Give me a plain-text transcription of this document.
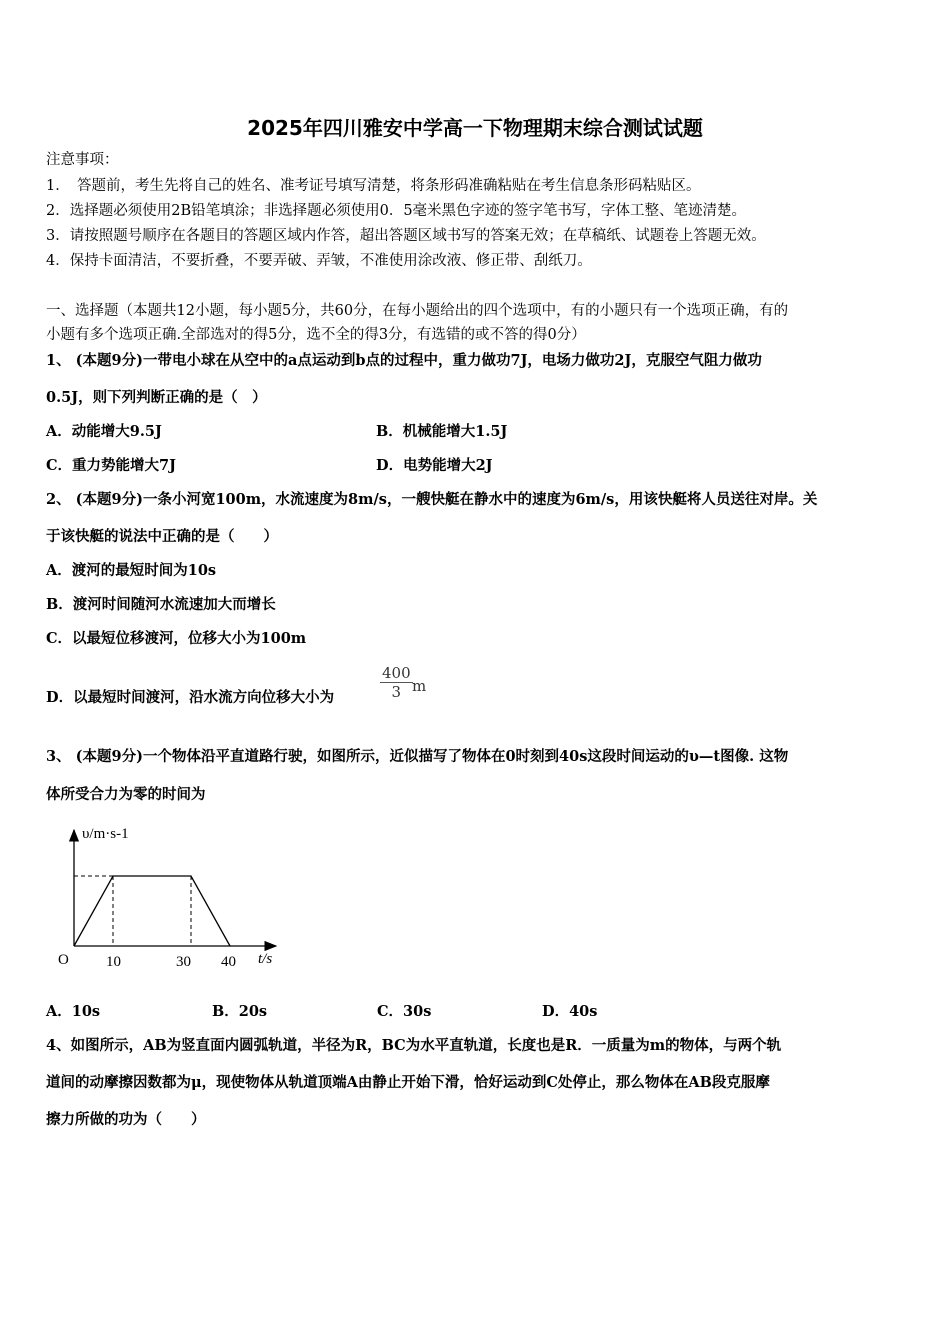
2025年四川雅安中学高一下物理期末综合测试试题
注意事项：
1．　答题前，考生先将自己的姓名、准考证号填写清楚，将条形码准确粘贴在考生信息条形码粘贴区。
2．选择题必须使用2B铅笔填涂；非选择题必须使用0．5毫米黑色字迹的签字笔书写，字体工整、笔迹清楚。
3．请按照题号顺序在各题目的答题区域内作答，超出答题区域书写的答案无效；在草稿纸、试题卷上答题无效。
4．保持卡面清洁，不要折叠，不要弄破、弄皱，不准使用涂改液、修正带、刮纸刀。
一、选择题（本题共12小题，每小题5分，共60分，在每小题给出的四个选项中，有的小题只有一个选项正确，有的
小题有多个选项正确.全部选对的得5分，选不全的得3分，有选错的或不答的得0分）
1、 (本题9分)一带电小球在从空中的a点运动到b点的过程中，重力做功7J，电场力做功2J，克服空气阻力做功
0.5J，则下列判断正确的是（　）
A．动能增大9.5J	B．机械能增大1.5J
C．重力势能增大7J	D．电势能增大2J
2、 (本题9分)一条小河宽100m，水流速度为8m/s，一艘快艇在静水中的速度为6m/s，用该快艇将人员送往对岸。关
于该快艇的说法中正确的是（　　）
A．渡河的最短时间为10s
B．渡河时间随河水流速加大而增长
C．以最短位移渡河，位移大小为100m
D．以最短时间渡河，沿水流方向位移大小为	$\frac{400}{3}$ m
3、 (本题9分)一个物体沿平直道路行驶，如图所示，近似描写了物体在0时刻到40s这段时间运动的υ—t图像. 这物
体所受合力为零的时间为
υ/m·s-1
t/s
O 10	30 40
A．10s	B．20s	C．30s	D．40s
4、如图所示，AB为竖直面内圆弧轨道，半径为R，BC为水平直轨道，长度也是R．一质量为m的物体，与两个轨
道间的动摩擦因数都为μ，现使物体从轨道顶端A由静止开始下滑，恰好运动到C处停止，那么物体在AB段克服摩
擦力所做的功为（　　）
